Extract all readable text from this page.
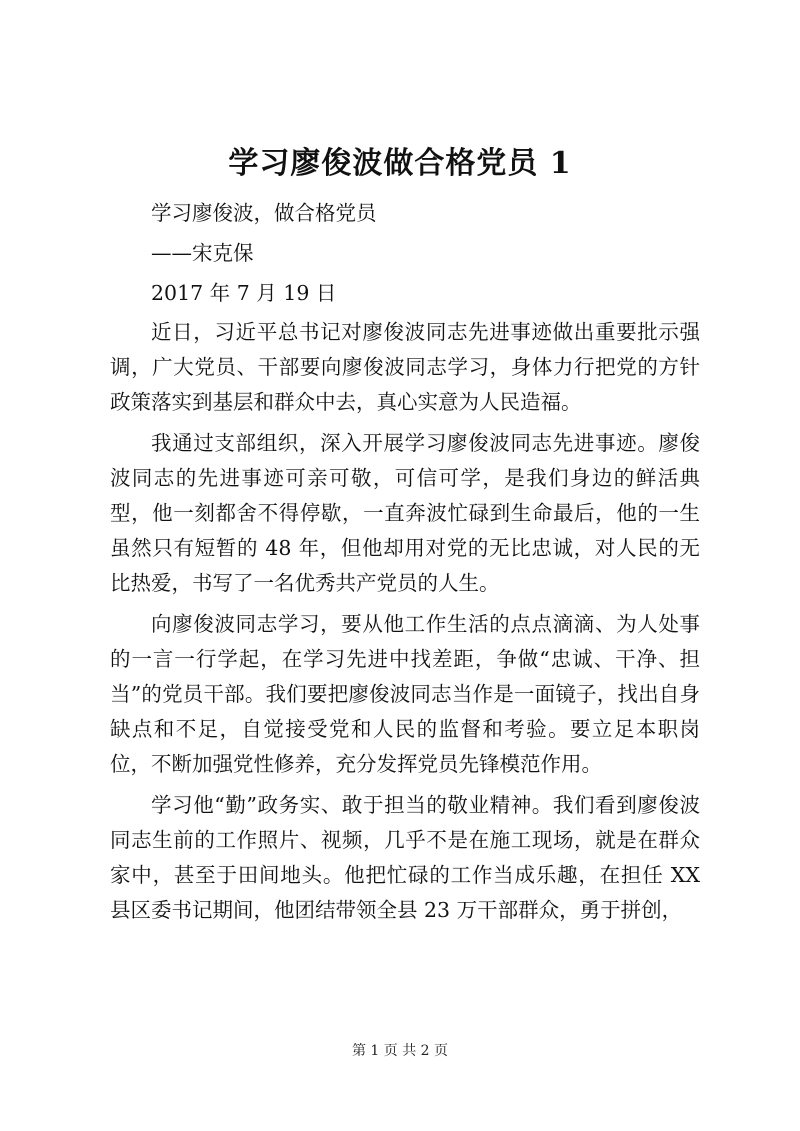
学习廖俊波做合格党员 1
学习廖俊波，做合格党员
——宋克保
2017 年 7 月 19 日

近日，习近平总书记对廖俊波同志先进事迹做出重要批示强调，广大党员、干部要向廖俊波同志学习，身体力行把党的方针政策落实到基层和群众中去，真心实意为人民造福。

我通过支部组织，深入开展学习廖俊波同志先进事迹。廖俊波同志的先进事迹可亲可敬，可信可学，是我们身边的鲜活典型，他一刻都舍不得停歇，一直奔波忙碌到生命最后，他的一生虽然只有短暂的 48 年，但他却用对党的无比忠诚，对人民的无比热爱，书写了一名优秀共产党员的人生。

向廖俊波同志学习，要从他工作生活的点点滴滴、为人处事的一言一行学起，在学习先进中找差距，争做“忠诚、干净、担当”的党员干部。我们要把廖俊波同志当作是一面镜子，找出自身缺点和不足，自觉接受党和人民的监督和考验。要立足本职岗位，不断加强党性修养，充分发挥党员先锋模范作用。

学习他“勤”政务实、敢于担当的敬业精神。我们看到廖俊波同志生前的工作照片、视频，几乎不是在施工现场，就是在群众家中，甚至于田间地头。他把忙碌的工作当成乐趣，在担任 XX 县区委书记期间，他团结带领全县 23 万干部群众，勇于拼创，

第 1 页 共 2 页
